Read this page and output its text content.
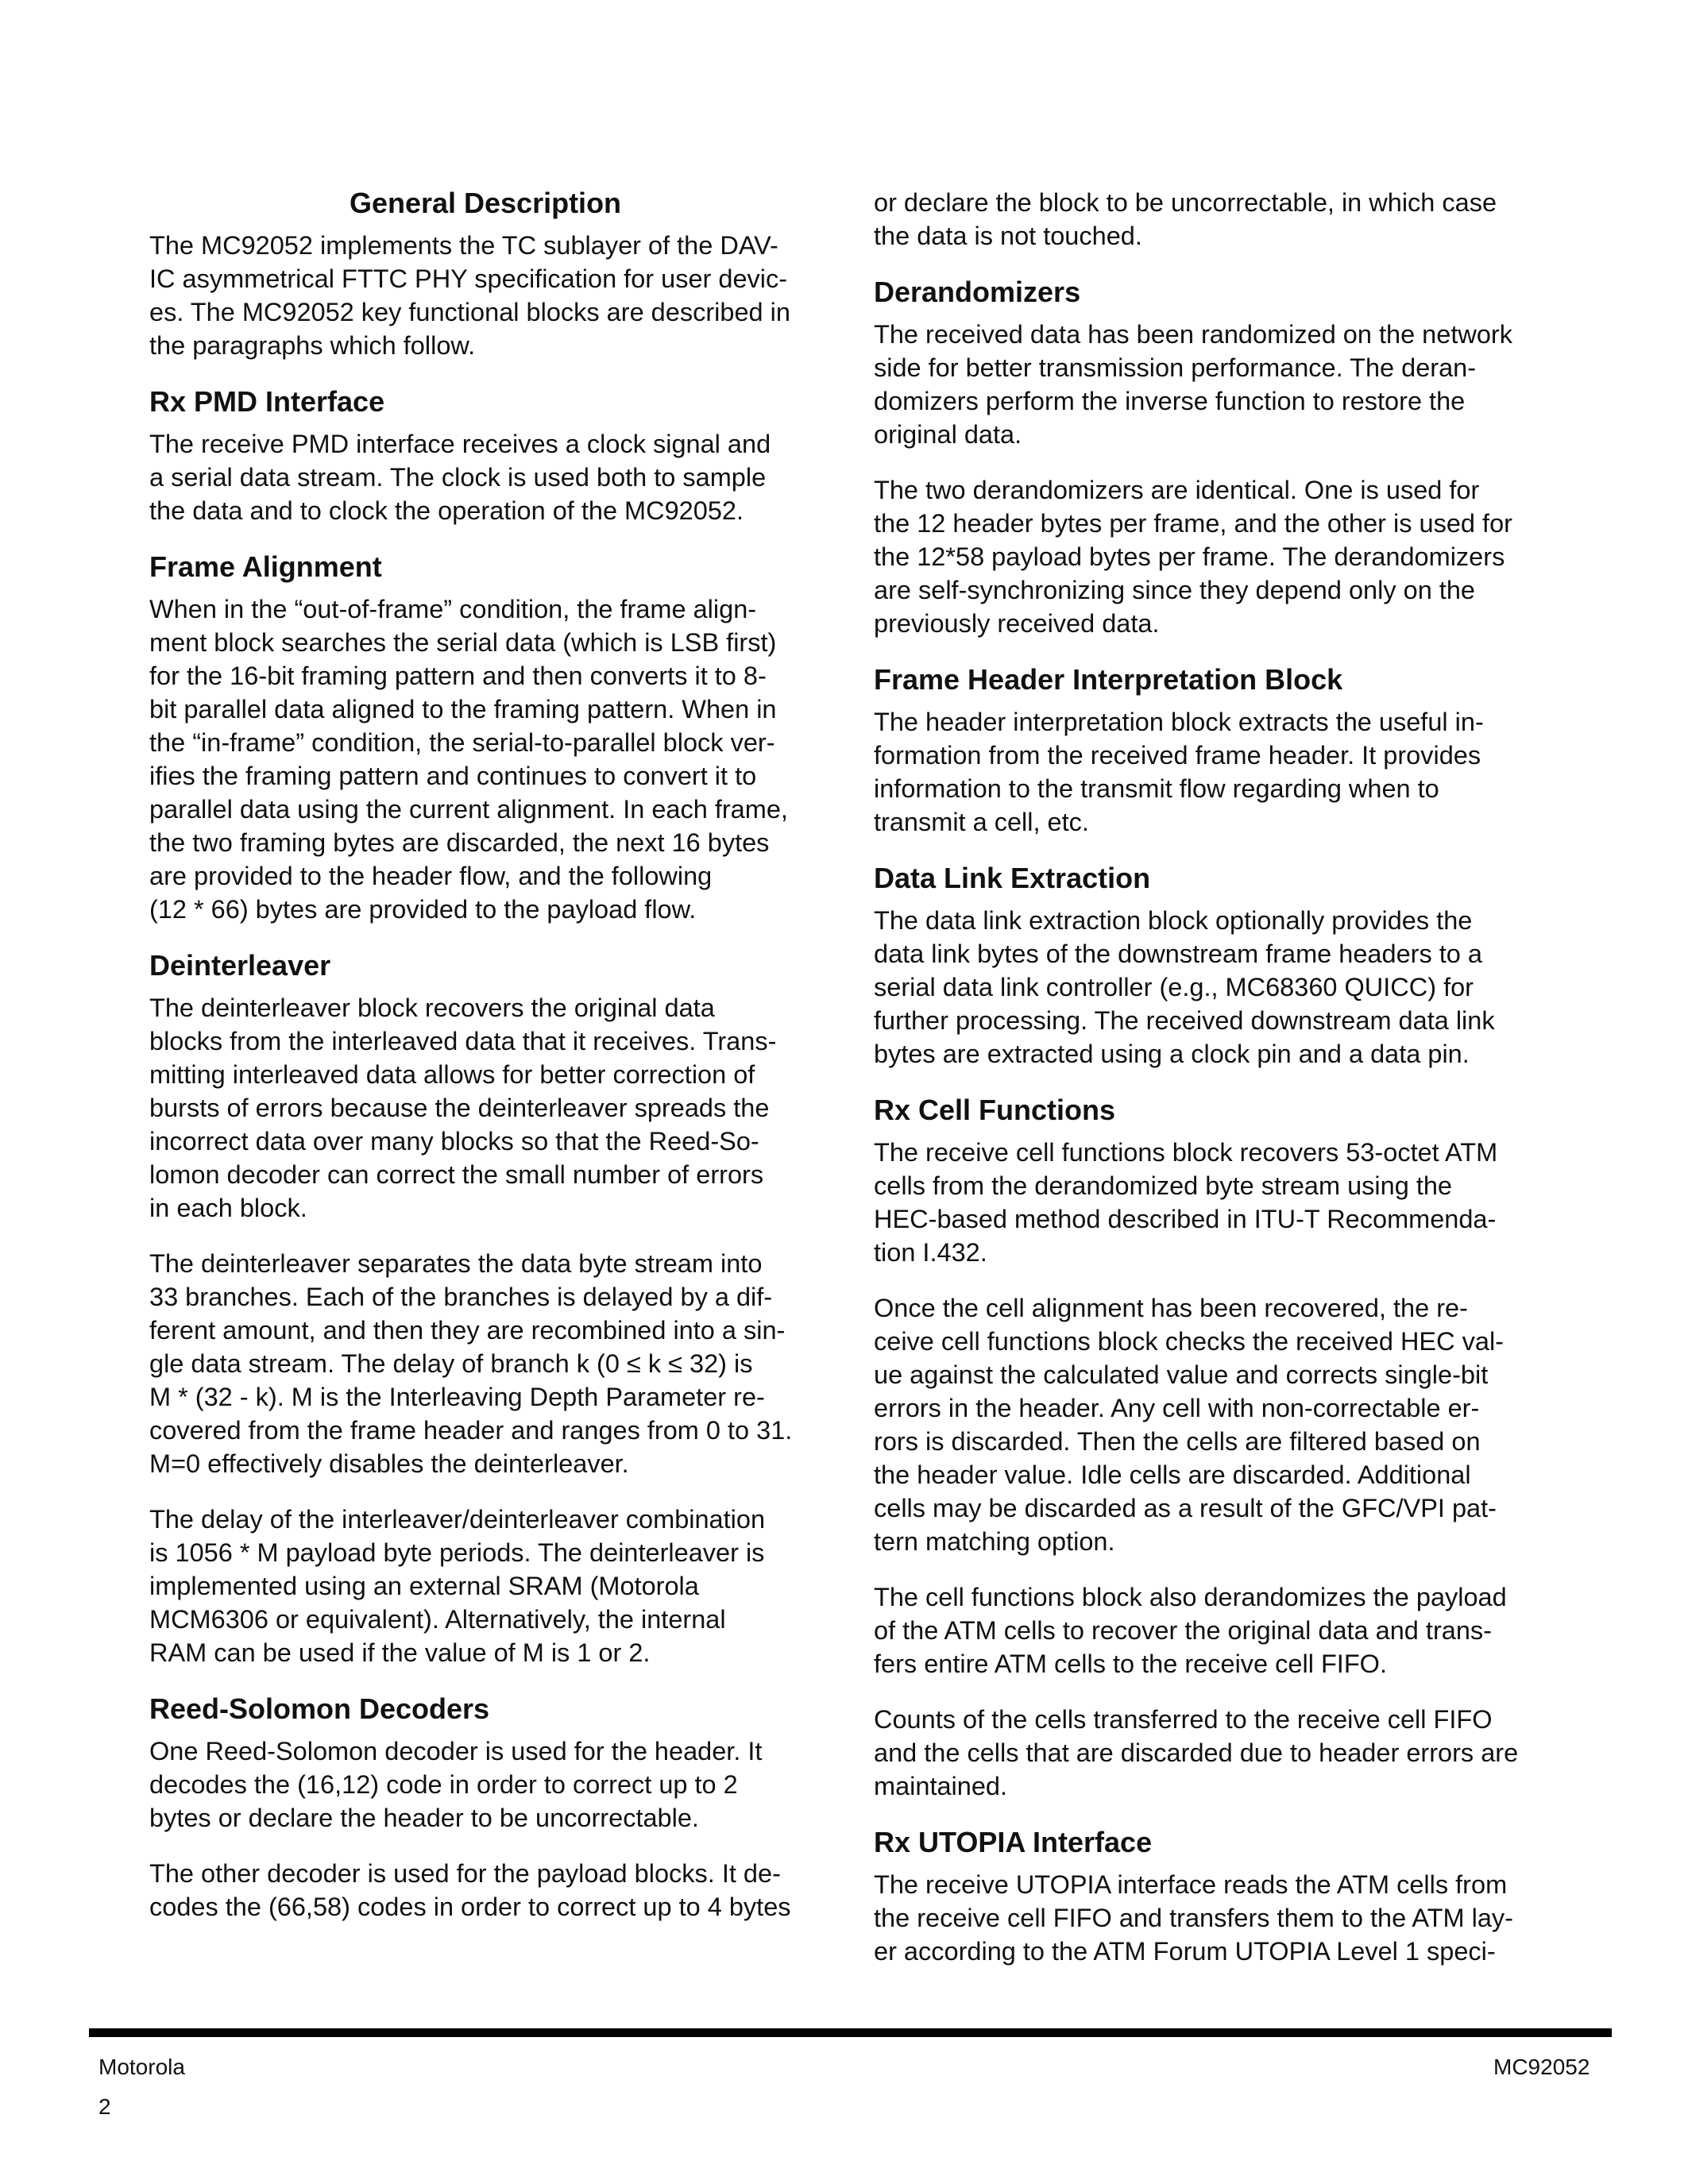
General Description

The MC92052 implements the TC sublayer of the DAV-
IC asymmetrical FTTC PHY specification for user devic-
es. The MC92052 key functional blocks are described in
the paragraphs which follow.

Rx PMD Interface

The receive PMD interface receives a clock signal and
a serial data stream. The clock is used both to sample
the data and to clock the operation of the MC92052.

Frame Alignment

When in the “out-of-frame” condition, the frame align-
ment block searches the serial data (which is LSB first)
for the 16-bit framing pattern and then converts it to 8-
bit parallel data aligned to the framing pattern. When in
the “in-frame” condition, the serial-to-parallel block ver-
ifies the framing pattern and continues to convert it to
parallel data using the current alignment. In each frame,
the two framing bytes are discarded, the next 16 bytes
are provided to the header flow, and the following
(12 * 66) bytes are provided to the payload flow.

Deinterleaver

The deinterleaver block recovers the original data
blocks from the interleaved data that it receives. Trans-
mitting interleaved data allows for better correction of
bursts of errors because the deinterleaver spreads the
incorrect data over many blocks so that the Reed-So-
lomon decoder can correct the small number of errors
in each block.

The deinterleaver separates the data byte stream into
33 branches. Each of the branches is delayed by a dif-
ferent amount, and then they are recombined into a sin-
gle data stream. The delay of branch k (0 ≤ k ≤ 32) is
M * (32 - k). M is the Interleaving Depth Parameter re-
covered from the frame header and ranges from 0 to 31.
M=0 effectively disables the deinterleaver.

The delay of the interleaver/deinterleaver combination
is 1056 * M payload byte periods. The deinterleaver is
implemented using an external SRAM (Motorola
MCM6306 or equivalent). Alternatively, the internal
RAM can be used if the value of M is 1 or 2.

Reed-Solomon Decoders

One Reed-Solomon decoder is used for the header. It
decodes the (16,12) code in order to correct up to 2
bytes or declare the header to be uncorrectable.

The other decoder is used for the payload blocks. It de-
codes the (66,58) codes in order to correct up to 4 bytes

or declare the block to be uncorrectable, in which case
the data is not touched.

Derandomizers

The received data has been randomized on the network
side for better transmission performance. The deran-
domizers perform the inverse function to restore the
original data.

The two derandomizers are identical. One is used for
the 12 header bytes per frame, and the other is used for
the 12*58 payload bytes per frame. The derandomizers
are self-synchronizing since they depend only on the
previously received data.

Frame Header Interpretation Block

The header interpretation block extracts the useful in-
formation from the received frame header. It provides
information to the transmit flow regarding when to
transmit a cell, etc.

Data Link Extraction

The data link extraction block optionally provides the
data link bytes of the downstream frame headers to a
serial data link controller (e.g., MC68360 QUICC) for
further processing. The received downstream data link
bytes are extracted using a clock pin and a data pin.

Rx Cell Functions

The receive cell functions block recovers 53-octet ATM
cells from the derandomized byte stream using the
HEC-based method described in ITU-T Recommenda-
tion I.432.

Once the cell alignment has been recovered, the re-
ceive cell functions block checks the received HEC val-
ue against the calculated value and corrects single-bit
errors in the header. Any cell with non-correctable er-
rors is discarded. Then the cells are filtered based on
the header value. Idle cells are discarded. Additional
cells may be discarded as a result of the GFC/VPI pat-
tern matching option.

The cell functions block also derandomizes the payload
of the ATM cells to recover the original data and trans-
fers entire ATM cells to the receive cell FIFO.

Counts of the cells transferred to the receive cell FIFO
and the cells that are discarded due to header errors are
maintained.

Rx UTOPIA Interface

The receive UTOPIA interface reads the ATM cells from
the receive cell FIFO and transfers them to the ATM lay-
er according to the ATM Forum UTOPIA Level 1 speci-

Motorola	MC92052
2
